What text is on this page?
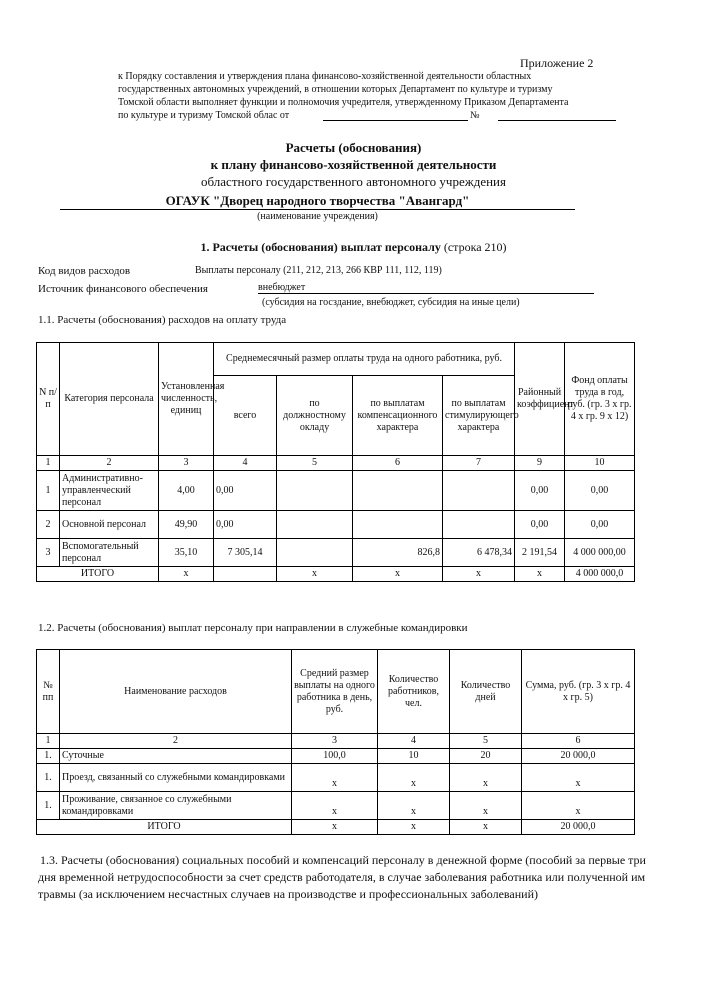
Приложение 2
к Порядку составления и утверждения плана финансово-хозяйственной деятельности областных
государственных автономных учреждений, в отношении которых Департамент по культуре и туризму
Томской области выполняет функции и полномочия учредителя, утвержденному Приказом Департамента
по культуре и туризму Томской облас от	№
Расчеты (обоснования)
к плану финансово-хозяйственной деятельности
областного государственного автономного учреждения
ОГАУК "Дворец народного творчества "Авангард"
(наименование учреждения)
1. Расчеты (обоснования) выплат персоналу (строка 210)
Код видов расходов	Выплаты персоналу (211, 212, 213, 266 КВР 111, 112, 119)
Источник финансового обеспечения	внебюджет
(субсидия на госздание, внебюджет, субсидия на иные цели)
1.1. Расчеты (обоснования) расходов на оплату труда
N п/п	Категория персонала	Установленная численность, единиц	Среднемесячный размер оплаты труда на одного работника, руб.				Районный коэффициент	Фонд оплаты труда в год, руб. (гр. 3 х гр. 4 х гр. 9 х 12)
			всего	по должностному окладу	по выплатам компенсационного характера	по выплатам стимулирующего характера		
1	2	3	4	5	6	7	9	10
1	Административно-управленческий персонал	4,00	0,00				0,00	0,00
2	Основной персонал	49,90	0,00				0,00	0,00
3	Вспомогательный персонал	35,10	7 305,14		826,8	6 478,34	2 191,54	4 000 000,00
ИТОГО		х		х	х	х	х	4 000 000,0
1.2. Расчеты (обоснования) выплат персоналу при направлении в служебные командировки
№ пп	Наименование расходов	Средний размер выплаты на одного работника в день, руб.	Количество работников, чел.	Количество дней	Сумма, руб. (гр. 3 х гр. 4 х гр. 5)
1	2	3	4	5	6
1.	Суточные	100,0	10	20	20 000,0
1.	Проезд, связанный со служебными командировками	х	х	х	х
1.	Проживание, связанное со служебными командировками	х	х	х	х
ИТОГО		х	х	х	20 000,0
1.3. Расчеты (обоснования) социальных пособий и компенсаций персоналу в денежной форме (пособий за первые три дня временной нетрудоспособности за счет средств работодателя, в случае заболевания работника или полученной им травмы (за исключением несчастных случаев на производстве и профессиональных заболеваний)
